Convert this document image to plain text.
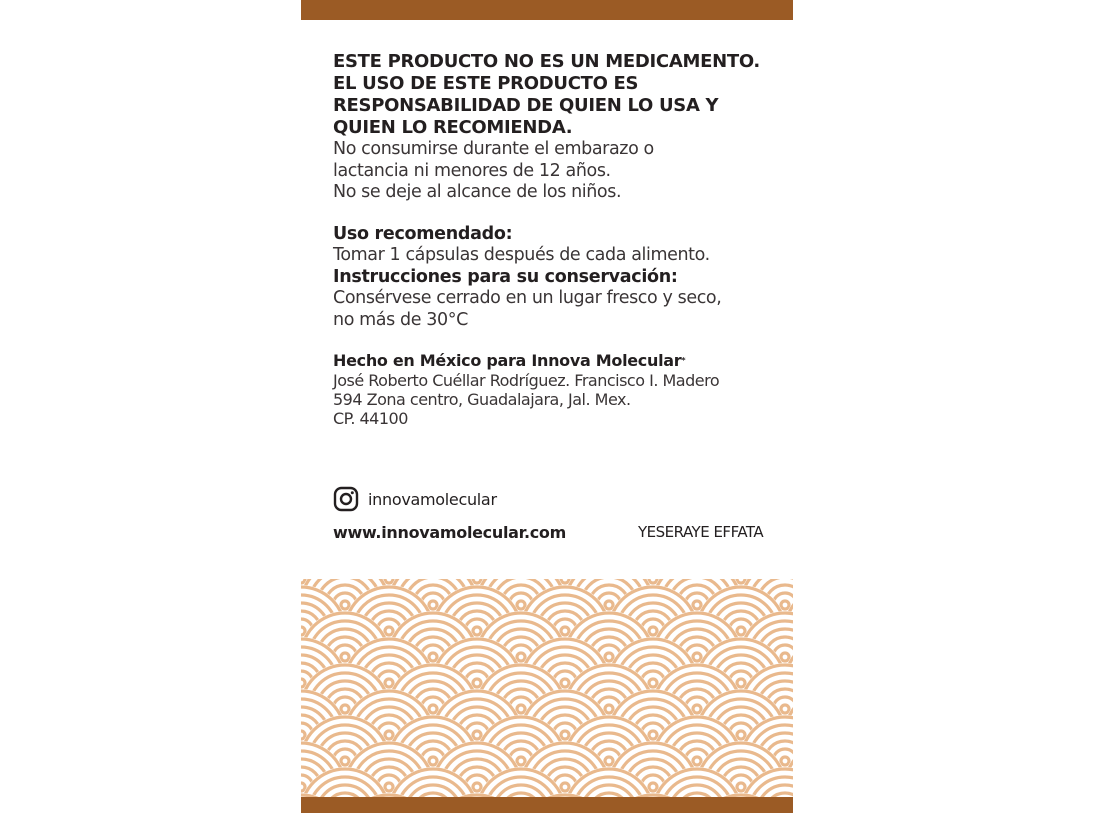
ESTE PRODUCTO NO ES UN MEDICAMENTO.

EL USO DE ESTE PRODUCTO ES

RESPONSABILIDAD DE QUIEN LO USA Y

QUIEN LO RECOMIENDA.

No consumirse durante el embarazo o

lactancia ni menores de 12 años.

No se deje al alcance de los niños.

Uso recomendado:

Tomar 1 cápsulas después de cada alimento.

Instrucciones para su conservación:

Consérvese cerrado en un lugar fresco y seco,

no más de 30°C

Hecho en México para Innova Molecular*

José Roberto Cuéllar Rodríguez. Francisco I. Madero

594 Zona centro, Guadalajara, Jal. Mex.

CP. 44100

innovamolecular
www.innovamolecular.com	YESERAYE EFFATA
